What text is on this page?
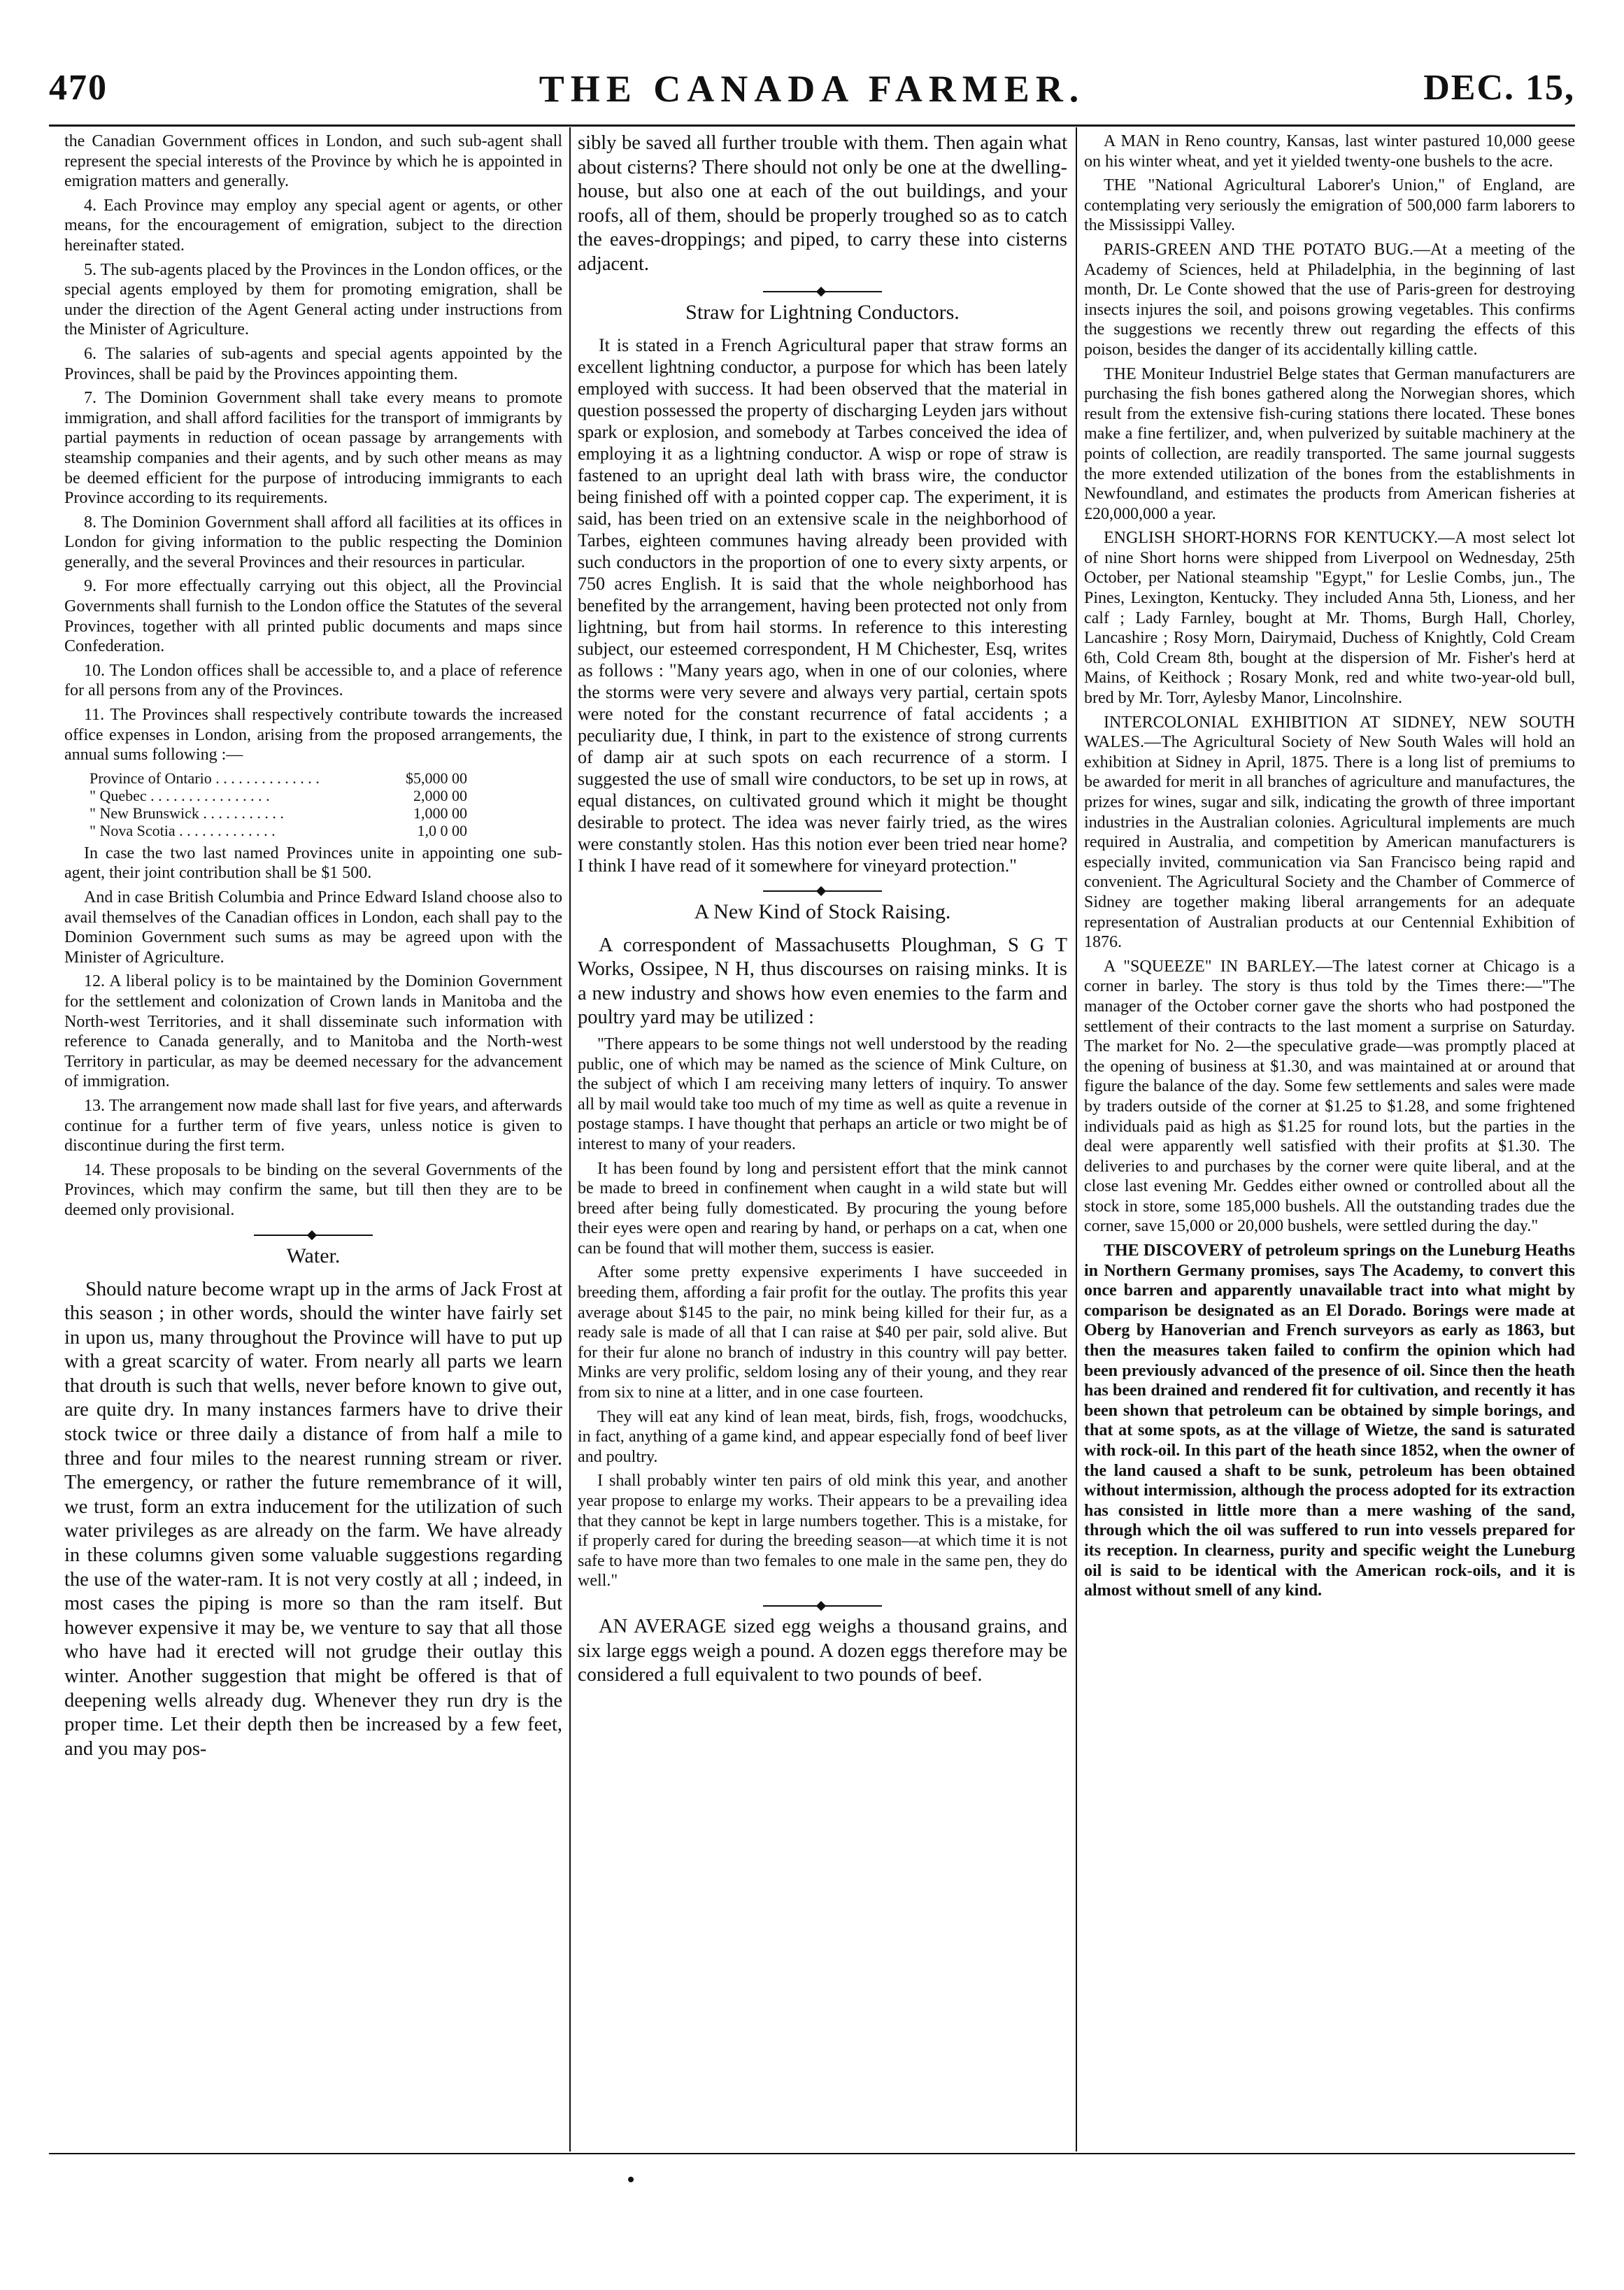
470	THE CANADA FARMER.	DEC. 15,

the Canadian Government offices in London, and such sub-agent shall represent the special interests of the Province by which he is appointed in emigration matters and generally.

4. Each Province may employ any special agent or agents, or other means, for the encouragement of emigration, subject to the direction hereinafter stated.

5. The sub-agents placed by the Provinces in the London offices, or the special agents employed by them for promoting emigration, shall be under the direction of the Agent General acting under instructions from the Minister of Agriculture.

6. The salaries of sub-agents and special agents appointed by the Provinces, shall be paid by the Provinces appointing them.

7. The Dominion Government shall take every means to promote immigration, and shall afford facilities for the transport of immigrants by partial payments in reduction of ocean passage by arrangements with steamship companies and their agents, and by such other means as may be deemed efficient for the purpose of introducing immigrants to each Province according to its requirements.

8. The Dominion Government shall afford all facilities at its offices in London for giving information to the public respecting the Dominion generally, and the several Provinces and their resources in particular.

9. For more effectually carrying out this object, all the Provincial Governments shall furnish to the London office the Statutes of the several Provinces, together with all printed public documents and maps since Confederation.

10. The London offices shall be accessible to, and a place of reference for all persons from any of the Provinces.

11. The Provinces shall respectively contribute towards the increased office expenses in London, arising from the proposed arrangements, the annual sums following :—

Province of Ontario . . . . . . . . . . . . . .	$5,000 00
" Quebec . . . . . . . . . . . . . . . .	2,000 00
" New Brunswick . . . . . . . . . . .	1,000 00
" Nova Scotia . . . . . . . . . . . . .	1,0 0 00

In case the two last named Provinces unite in appointing one sub-agent, their joint contribution shall be $1 500.

And in case British Columbia and Prince Edward Island choose also to avail themselves of the Canadian offices in London, each shall pay to the Dominion Government such sums as may be agreed upon with the Minister of Agriculture.

12. A liberal policy is to be maintained by the Dominion Government for the settlement and colonization of Crown lands in Manitoba and the North-west Territories, and it shall disseminate such information with reference to Canada generally, and to Manitoba and the North-west Territory in particular, as may be deemed necessary for the advancement of immigration.

13. The arrangement now made shall last for five years, and afterwards continue for a further term of five years, unless notice is given to discontinue during the first term.

14. These proposals to be binding on the several Governments of the Provinces, which may confirm the same, but till then they are to be deemed only provisional.

Water.

Should nature become wrapt up in the arms of Jack Frost at this season ; in other words, should the winter have fairly set in upon us, many throughout the Province will have to put up with a great scarcity of water. From nearly all parts we learn that drouth is such that wells, never before known to give out, are quite dry. In many instances farmers have to drive their stock twice or three daily a distance of from half a mile to three and four miles to the nearest running stream or river. The emergency, or rather the future remembrance of it will, we trust, form an extra inducement for the utilization of such water privileges as are already on the farm. We have already in these columns given some valuable suggestions regarding the use of the water-ram. It is not very costly at all ; indeed, in most cases the piping is more so than the ram itself. But however expensive it may be, we venture to say that all those who have had it erected will not grudge their outlay this winter. Another suggestion that might be offered is that of deepening wells already dug. Whenever they run dry is the proper time. Let their depth then be increased by a few feet, and you may pos-

sibly be saved all further trouble with them. Then again what about cisterns? There should not only be one at the dwelling-house, but also one at each of the out buildings, and your roofs, all of them, should be properly troughed so as to catch the eaves-droppings; and piped, to carry these into cisterns adjacent.

Straw for Lightning Conductors.

It is stated in a French Agricultural paper that straw forms an excellent lightning conductor, a purpose for which has been lately employed with success. It had been observed that the material in question possessed the property of discharging Leyden jars without spark or explosion, and somebody at Tarbes conceived the idea of employing it as a lightning conductor. A wisp or rope of straw is fastened to an upright deal lath with brass wire, the conductor being finished off with a pointed copper cap. The experiment, it is said, has been tried on an extensive scale in the neighborhood of Tarbes, eighteen communes having already been provided with such conductors in the proportion of one to every sixty arpents, or 750 acres English. It is said that the whole neighborhood has benefited by the arrangement, having been protected not only from lightning, but from hail storms. In reference to this interesting subject, our esteemed correspondent, H M Chichester, Esq, writes as follows : "Many years ago, when in one of our colonies, where the storms were very severe and always very partial, certain spots were noted for the constant recurrence of fatal accidents ; a peculiarity due, I think, in part to the existence of strong currents of damp air at such spots on each recurrence of a storm. I suggested the use of small wire conductors, to be set up in rows, at equal distances, on cultivated ground which it might be thought desirable to protect. The idea was never fairly tried, as the wires were constantly stolen. Has this notion ever been tried near home? I think I have read of it somewhere for vineyard protection."

A New Kind of Stock Raising.

A correspondent of Massachusetts Ploughman, S G T Works, Ossipee, N H, thus discourses on raising minks. It is a new industry and shows how even enemies to the farm and poultry yard may be utilized :

"There appears to be some things not well understood by the reading public, one of which may be named as the science of Mink Culture, on the subject of which I am receiving many letters of inquiry. To answer all by mail would take too much of my time as well as quite a revenue in postage stamps. I have thought that perhaps an article or two might be of interest to many of your readers.

It has been found by long and persistent effort that the mink cannot be made to breed in confinement when caught in a wild state but will breed after being fully domesticated. By procuring the young before their eyes were open and rearing by hand, or perhaps on a cat, when one can be found that will mother them, success is easier.

After some pretty expensive experiments I have succeeded in breeding them, affording a fair profit for the outlay. The profits this year average about $145 to the pair, no mink being killed for their fur, as a ready sale is made of all that I can raise at $40 per pair, sold alive. But for their fur alone no branch of industry in this country will pay better. Minks are very prolific, seldom losing any of their young, and they rear from six to nine at a litter, and in one case fourteen.

They will eat any kind of lean meat, birds, fish, frogs, woodchucks, in fact, anything of a game kind, and appear especially fond of beef liver and poultry.

I shall probably winter ten pairs of old mink this year, and another year propose to enlarge my works. Their appears to be a prevailing idea that they cannot be kept in large numbers together. This is a mistake, for if properly cared for during the breeding season—at which time it is not safe to have more than two females to one male in the same pen, they do well."

AN AVERAGE sized egg weighs a thousand grains, and six large eggs weigh a pound. A dozen eggs therefore may be considered a full equivalent to two pounds of beef.

A MAN in Reno country, Kansas, last winter pastured 10,000 geese on his winter wheat, and yet it yielded twenty-one bushels to the acre.

THE "National Agricultural Laborer's Union," of England, are contemplating very seriously the emigration of 500,000 farm laborers to the Mississippi Valley.

PARIS-GREEN AND THE POTATO BUG.—At a meeting of the Academy of Sciences, held at Philadelphia, in the beginning of last month, Dr. Le Conte showed that the use of Paris-green for destroying insects injures the soil, and poisons growing vegetables. This confirms the suggestions we recently threw out regarding the effects of this poison, besides the danger of its accidentally killing cattle.

THE Moniteur Industriel Belge states that German manufacturers are purchasing the fish bones gathered along the Norwegian shores, which result from the extensive fish-curing stations there located. These bones make a fine fertilizer, and, when pulverized by suitable machinery at the points of collection, are readily transported. The same journal suggests the more extended utilization of the bones from the establishments in Newfoundland, and estimates the products from American fisheries at £20,000,000 a year.

ENGLISH SHORT-HORNS FOR KENTUCKY.—A most select lot of nine Short horns were shipped from Liverpool on Wednesday, 25th October, per National steamship "Egypt," for Leslie Combs, jun., The Pines, Lexington, Kentucky. They included Anna 5th, Lioness, and her calf ; Lady Farnley, bought at Mr. Thoms, Burgh Hall, Chorley, Lancashire ; Rosy Morn, Dairymaid, Duchess of Knightly, Cold Cream 6th, Cold Cream 8th, bought at the dispersion of Mr. Fisher's herd at Mains, of Keithock ; Rosary Monk, red and white two-year-old bull, bred by Mr. Torr, Aylesby Manor, Lincolnshire.

INTERCOLONIAL EXHIBITION AT SIDNEY, NEW SOUTH WALES.—The Agricultural Society of New South Wales will hold an exhibition at Sidney in April, 1875. There is a long list of premiums to be awarded for merit in all branches of agriculture and manufactures, the prizes for wines, sugar and silk, indicating the growth of three important industries in the Australian colonies. Agricultural implements are much required in Australia, and competition by American manufacturers is especially invited, communication via San Francisco being rapid and convenient. The Agricultural Society and the Chamber of Commerce of Sidney are together making liberal arrangements for an adequate representation of Australian products at our Centennial Exhibition of 1876.

A "SQUEEZE" IN BARLEY.—The latest corner at Chicago is a corner in barley. The story is thus told by the Times there:—"The manager of the October corner gave the shorts who had postponed the settlement of their contracts to the last moment a surprise on Saturday. The market for No. 2—the speculative grade—was promptly placed at the opening of business at $1.30, and was maintained at or around that figure the balance of the day. Some few settlements and sales were made by traders outside of the corner at $1.25 to $1.28, and some frightened individuals paid as high as $1.25 for round lots, but the parties in the deal were apparently well satisfied with their profits at $1.30. The deliveries to and purchases by the corner were quite liberal, and at the close last evening Mr. Geddes either owned or controlled about all the stock in store, some 185,000 bushels. All the outstanding trades due the corner, save 15,000 or 20,000 bushels, were settled during the day."

THE DISCOVERY of petroleum springs on the Luneburg Heaths in Northern Germany promises, says The Academy, to convert this once barren and apparently unavailable tract into what might by comparison be designated as an El Dorado. Borings were made at Oberg by Hanoverian and French surveyors as early as 1863, but then the measures taken failed to confirm the opinion which had been previously advanced of the presence of oil. Since then the heath has been drained and rendered fit for cultivation, and recently it has been shown that petroleum can be obtained by simple borings, and that at some spots, as at the village of Wietze, the sand is saturated with rock-oil. In this part of the heath since 1852, when the owner of the land caused a shaft to be sunk, petroleum has been obtained without intermission, although the process adopted for its extraction has consisted in little more than a mere washing of the sand, through which the oil was suffered to run into vessels prepared for its reception. In clearness, purity and specific weight the Luneburg oil is said to be identical with the American rock-oils, and it is almost without smell of any kind.
